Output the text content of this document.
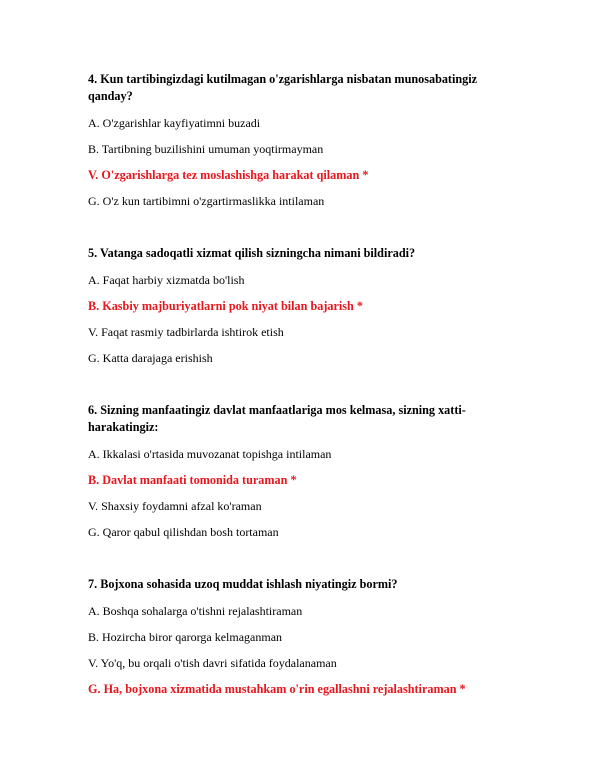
4. Kun tartibingizdagi kutilmagan o'zgarishlarga nisbatan munosabatingiz qanday?
A. O'zgarishlar kayfiyatimni buzadi
B. Tartibning buzilishini umuman yoqtirmayman
V. O'zgarishlarga tez moslashishga harakat qilaman *
G. O'z kun tartibimni o'zgartirmaslikka intilaman
5. Vatanga sadoqatli xizmat qilish sizningcha nimani bildiradi?
A. Faqat harbiy xizmatda bo'lish
B. Kasbiy majburiyatlarni pok niyat bilan bajarish *
V. Faqat rasmiy tadbirlarda ishtirok etish
G. Katta darajaga erishish
6. Sizning manfaatingiz davlat manfaatlariga mos kelmasa, sizning xatti-harakatingiz:
A. Ikkalasi o'rtasida muvozanat topishga intilaman
B. Davlat manfaati tomonida turaman *
V. Shaxsiy foydamni afzal ko'raman
G. Qaror qabul qilishdan bosh tortaman
7. Bojxona sohasida uzoq muddat ishlash niyatingiz bormi?
A. Boshqa sohalarga o'tishni rejalashtiraman
B. Hozircha biror qarorga kelmaganman
V. Yo'q, bu orqali o'tish davri sifatida foydalanaman
G. Ha, bojxona xizmatida mustahkam o'rin egallashni rejalashtiraman *
